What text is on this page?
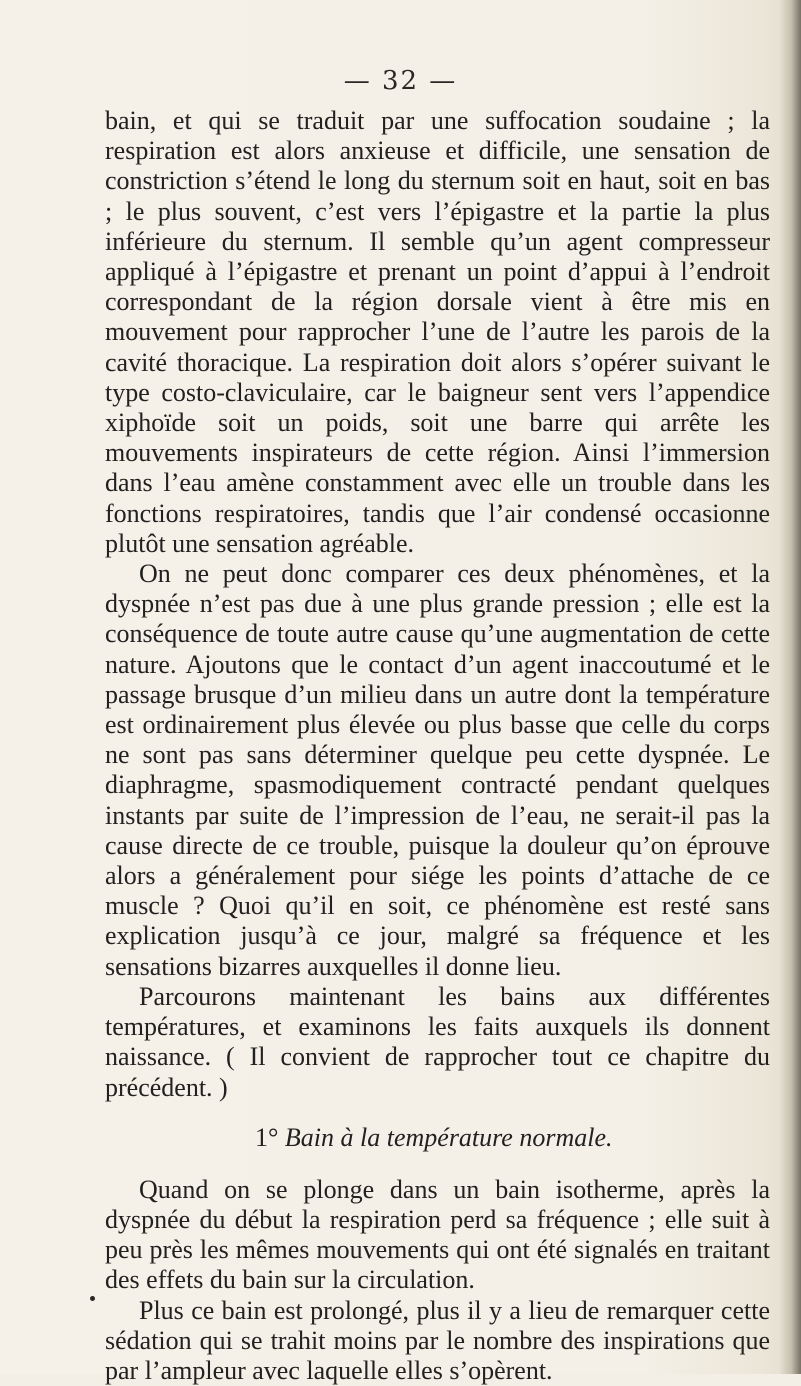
— 32 —

bain, et qui se traduit par une suffocation soudaine ; la respiration est alors anxieuse et difficile, une sensation de constriction s’étend le long du sternum soit en haut, soit en bas ; le plus souvent, c’est vers l’épigastre et la partie la plus inférieure du sternum. Il semble qu’un agent compresseur appliqué à l’épigastre et prenant un point d’appui à l’endroit correspondant de la région dorsale vient à être mis en mouvement pour rapprocher l’une de l’autre les parois de la cavité thoracique. La respiration doit alors s’opérer suivant le type costo-claviculaire, car le baigneur sent vers l’appendice xiphoïde soit un poids, soit une barre qui arrête les mouvements inspirateurs de cette région. Ainsi l’immersion dans l’eau amène constamment avec elle un trouble dans les fonctions respiratoires, tandis que l’air condensé occasionne plutôt une sensation agréable.

On ne peut donc comparer ces deux phénomènes, et la dyspnée n’est pas due à une plus grande pression ; elle est la conséquence de toute autre cause qu’une augmentation de cette nature. Ajoutons que le contact d’un agent inaccoutumé et le passage brusque d’un milieu dans un autre dont la température est ordinairement plus élevée ou plus basse que celle du corps ne sont pas sans déterminer quelque peu cette dyspnée. Le diaphragme, spasmodiquement contracté pendant quelques instants par suite de l’impression de l’eau, ne serait-il pas la cause directe de ce trouble, puisque la douleur qu’on éprouve alors a généralement pour siége les points d’attache de ce muscle ? Quoi qu’il en soit, ce phénomène est resté sans explication jusqu’à ce jour, malgré sa fréquence et les sensations bizarres auxquelles il donne lieu.

Parcourons maintenant les bains aux différentes températures, et examinons les faits auxquels ils donnent naissance. ( Il convient de rapprocher tout ce chapitre du précédent. )

1° Bain à la température normale.

Quand on se plonge dans un bain isotherme, après la dyspnée du début la respiration perd sa fréquence ; elle suit à peu près les mêmes mouvements qui ont été signalés en traitant des effets du bain sur la circulation.

Plus ce bain est prolongé, plus il y a lieu de remarquer cette sédation qui se trahit moins par le nombre des inspirations que par l’ampleur avec laquelle elles s’opèrent.
